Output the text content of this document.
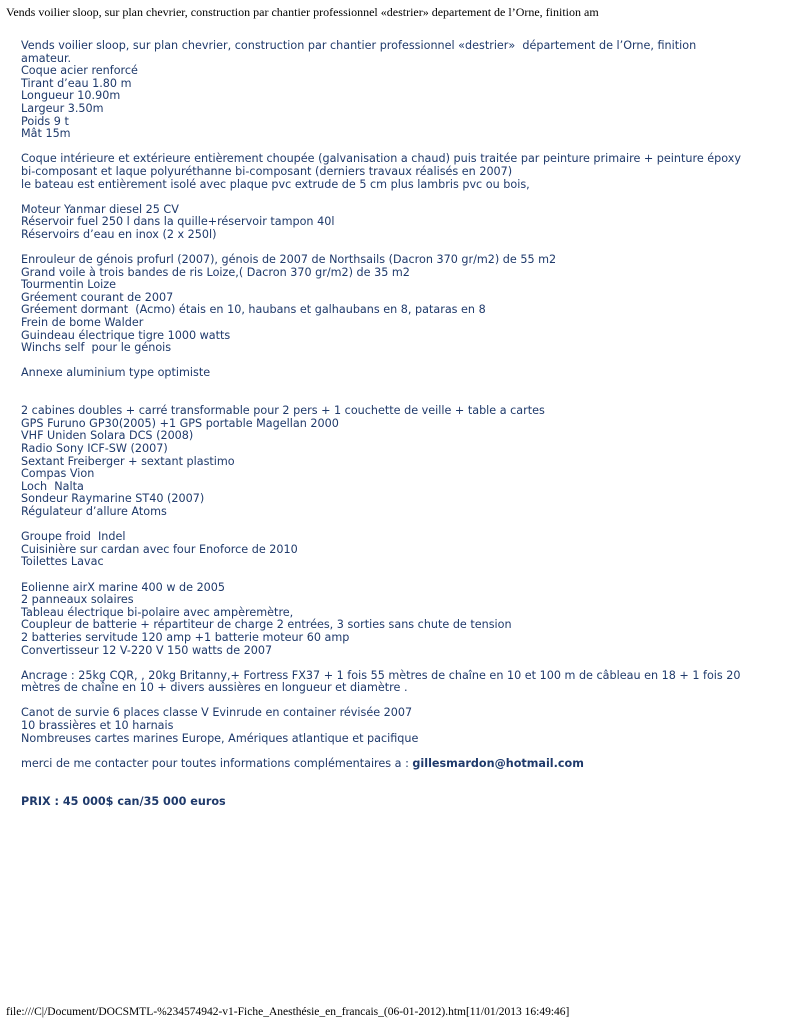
Vends voilier sloop, sur plan chevrier, construction par chantier professionnel «destrier» departement de l’Orne, finition am

Vends voilier sloop, sur plan chevrier, construction par chantier professionnel «destrier»  département de l’Orne, finition amateur.

Coque acier renforcé

Tirant d’eau 1.80 m

Longueur 10.90m

Largeur 3.50m

Poids 9 t

Mât 15m

Coque intérieure et extérieure entièrement choupée (galvanisation a chaud) puis traitée par peinture primaire + peinture époxy bi-composant et laque polyuréthanne bi-composant (derniers travaux réalisés en 2007)

le bateau est entièrement isolé avec plaque pvc extrude de 5 cm plus lambris pvc ou bois,

Moteur Yanmar diesel 25 CV

Réservoir fuel 250 l dans la quille+réservoir tampon 40l

Réservoirs d’eau en inox (2 x 250l)

Enrouleur de génois profurl (2007), génois de 2007 de Northsails (Dacron 370 gr/m2) de 55 m2

Grand voile à trois bandes de ris Loize,( Dacron 370 gr/m2) de 35 m2

Tourmentin Loize

Gréement courant de 2007

Gréement dormant  (Acmo) étais en 10, haubans et galhaubans en 8, pataras en 8

Frein de bome Walder

Guindeau électrique tigre 1000 watts

Winchs self  pour le génois

Annexe aluminium type optimiste

2 cabines doubles + carré transformable pour 2 pers + 1 couchette de veille + table a cartes

GPS Furuno GP30(2005) +1 GPS portable Magellan 2000

VHF Uniden Solara DCS (2008)

Radio Sony ICF-SW (2007)

Sextant Freiberger + sextant plastimo

Compas Vion

Loch  Nalta

Sondeur Raymarine ST40 (2007)

Régulateur d’allure Atoms

Groupe froid  Indel

Cuisinière sur cardan avec four Enoforce de 2010

Toilettes Lavac

Eolienne airX marine 400 w de 2005

2 panneaux solaires

Tableau électrique bi-polaire avec ampèremètre,

Coupleur de batterie + répartiteur de charge 2 entrées, 3 sorties sans chute de tension

2 batteries servitude 120 amp +1 batterie moteur 60 amp

Convertisseur 12 V-220 V 150 watts de 2007

Ancrage : 25kg CQR, , 20kg Britanny,+ Fortress FX37 + 1 fois 55 mètres de chaîne en 10 et 100 m de câbleau en 18 + 1 fois 20 mètres de chaîne en 10 + divers aussières en longueur et diamètre .

Canot de survie 6 places classe V Evinrude en container révisée 2007

10 brassières et 10 harnais

Nombreuses cartes marines Europe, Amériques atlantique et pacifique

merci de me contacter pour toutes informations complémentaires a : gillesmardon@hotmail.com

PRIX : 45 000$ can/35 000 euros

file:///C|/Document/DOCSMTL-%234574942-v1-Fiche_Anesthésie_en_francais_(06-01-2012).htm[11/01/2013 16:49:46]
